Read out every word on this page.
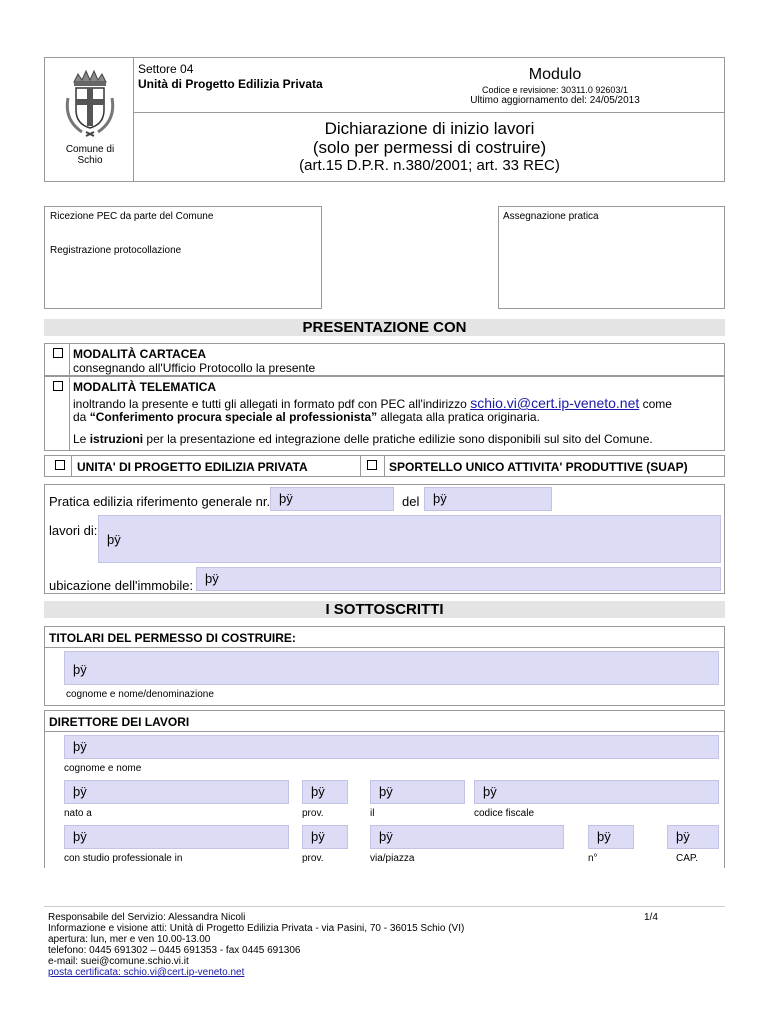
Comune di Schio
Settore 04
Unità di Progetto Edilizia Privata
Modulo
Codice e revisione: 30311.0 92603/1
Ultimo aggiornamento del: 24/05/2013
Dichiarazione di inizio lavori
(solo per permessi di costruire)
(art.15 D.P.R. n.380/2001; art. 33 REC)
Ricezione PEC da parte del Comune
Registrazione protocollazione
Assegnazione pratica
PRESENTAZIONE CON
MODALITÀ CARTACEA
consegnando all'Ufficio Protocollo la presente
MODALITÀ TELEMATICA
inoltrando la presente e tutti gli allegati in formato pdf con PEC all'indirizzo schio.vi@cert.ip-veneto.net come
da “Conferimento procura speciale al professionista” allegata alla pratica originaria.
Le istruzioni per la presentazione ed integrazione delle pratiche edilizie sono disponibili sul sito del Comune.
UNITA' DI PROGETTO EDILIZIA PRIVATA	SPORTELLO UNICO ATTIVITA' PRODUTTIVE (SUAP)
Pratica edilizia riferimento generale nr. þÿ	del	þÿ
lavori di:
þÿ
ubicazione dell'immobile: þÿ
I SOTTOSCRITTI
TITOLARI DEL PERMESSO DI COSTRUIRE:
þÿ
cognome e nome/denominazione
DIRETTORE DEI LAVORI
þÿ
cognome e nome
þÿ	þÿ	þÿ	þÿ
nato a	prov.	il	codice fiscale
þÿ	þÿ	þÿ	þÿ	þÿ
con studio professionale in	prov.	via/piazza	n°	CAP.
Responsabile del Servizio: Alessandra Nicoli	1/4
Informazione e visione atti: Unità di Progetto Edilizia Privata - via Pasini, 70 - 36015 Schio (VI)
apertura: lun, mer e ven 10.00-13.00
telefono: 0445 691302 – 0445 691353 - fax 0445 691306
e-mail: suei@comune.schio.vi.it
posta certificata: schio.vi@cert.ip-veneto.net
